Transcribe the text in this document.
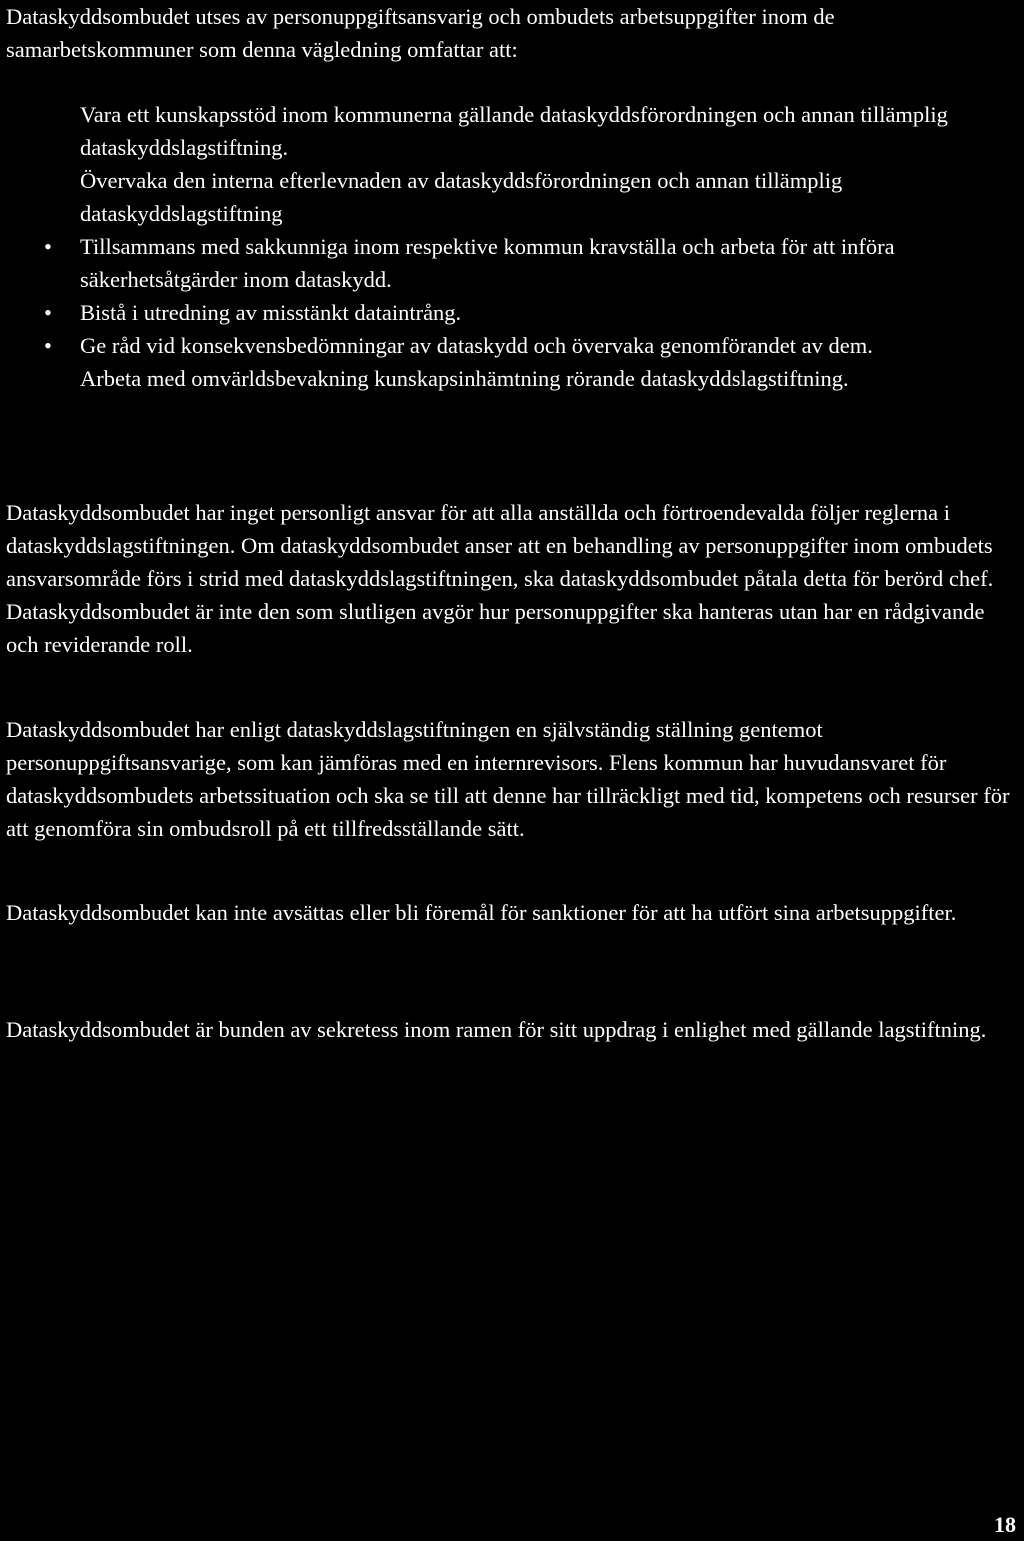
Dataskyddsombudet utses av personuppgiftsansvarig och ombudets arbetsuppgifter inom de samarbetskommuner som denna vägledning omfattar att:

Vara ett kunskapsstöd inom kommunerna gällande dataskyddsförordningen och annan tillämplig dataskyddslagstiftning.
Övervaka den interna efterlevnaden av dataskyddsförordningen och annan tillämplig dataskyddslagstiftning
• Tillsammans med sakkunniga inom respektive kommun kravställa och arbeta för att införa säkerhetsåtgärder inom dataskydd.
• Bistå i utredning av misstänkt dataintrång.
• Ge råd vid konsekvensbedömningar av dataskydd och övervaka genomförandet av dem.
Arbeta med omvärldsbevakning kunskapsinhämtning rörande dataskyddslagstiftning.

Dataskyddsombudet har inget personligt ansvar för att alla anställda och förtroendevalda följer reglerna i dataskyddslagstiftningen. Om dataskyddsombudet anser att en behandling av personuppgifter inom ombudets ansvarsområde förs i strid med dataskyddslagstiftningen, ska dataskyddsombudet påtala detta för berörd chef. Dataskyddsombudet är inte den som slutligen avgör hur personuppgifter ska hanteras utan har en rådgivande och reviderande roll.

Dataskyddsombudet har enligt dataskyddslagstiftningen en självständig ställning gentemot personuppgiftsansvarige, som kan jämföras med en internrevisors. Flens kommun har huvudansvaret för dataskyddsombudets arbetssituation och ska se till att denne har tillräckligt med tid, kompetens och resurser för att genomföra sin ombudsroll på ett tillfredsställande sätt.

Dataskyddsombudet kan inte avsättas eller bli föremål för sanktioner för att ha utfört sina arbetsuppgifter.

Dataskyddsombudet är bunden av sekretess inom ramen för sitt uppdrag i enlighet med gällande lagstiftning.

18
